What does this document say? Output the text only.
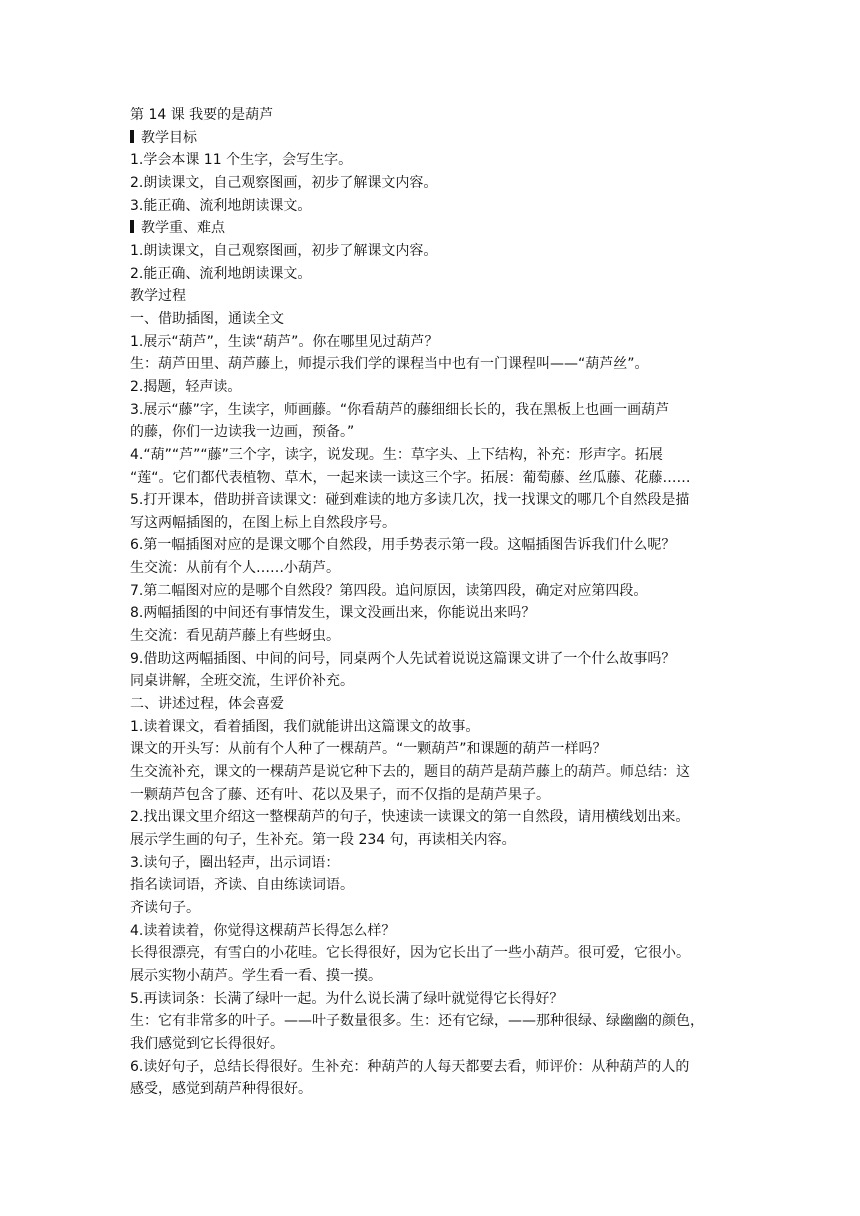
第 14 课 我要的是葫芦
教学目标
1.学会本课 11 个生字，会写生字。
2.朗读课文，自己观察图画，初步了解课文内容。
3.能正确、流利地朗读课文。
教学重、难点
1.朗读课文，自己观察图画，初步了解课文内容。
2.能正确、流利地朗读课文。
教学过程
一、借助插图，通读全文
1.展示“葫芦”，生读“葫芦”。你在哪里见过葫芦？
生：葫芦田里、葫芦藤上，师提示我们学的课程当中也有一门课程叫——“葫芦丝”。
2.揭题，轻声读。
3.展示“藤”字，生读字，师画藤。“你看葫芦的藤细细长长的，我在黑板上也画一画葫芦
的藤，你们一边读我一边画，预备。”
4.“葫”“芦”“藤”三个字，读字，说发现。生：草字头、上下结构，补充：形声字。拓展
“莲“。它们都代表植物、草木，一起来读一读这三个字。拓展：葡萄藤、丝瓜藤、花藤……
5.打开课本，借助拼音读课文：碰到难读的地方多读几次，找一找课文的哪几个自然段是描
写这两幅插图的，在图上标上自然段序号。
6.第一幅插图对应的是课文哪个自然段，用手势表示第一段。这幅插图告诉我们什么呢？
生交流：从前有个人……小葫芦。
7.第二幅图对应的是哪个自然段？第四段。追问原因，读第四段，确定对应第四段。
8.两幅插图的中间还有事情发生，课文没画出来，你能说出来吗？
生交流：看见葫芦藤上有些蚜虫。
9.借助这两幅插图、中间的问号，同桌两个人先试着说说这篇课文讲了一个什么故事吗？
同桌讲解，全班交流，生评价补充。
二、讲述过程，体会喜爱
1.读着课文，看着插图，我们就能讲出这篇课文的故事。
课文的开头写：从前有个人种了一棵葫芦。“一颗葫芦”和课题的葫芦一样吗？
生交流补充，课文的一棵葫芦是说它种下去的，题目的葫芦是葫芦藤上的葫芦。师总结：这
一颗葫芦包含了藤、还有叶、花以及果子，而不仅指的是葫芦果子。
2.找出课文里介绍这一整棵葫芦的句子，快速读一读课文的第一自然段，请用横线划出来。
展示学生画的句子，生补充。第一段 234 句，再读相关内容。
3.读句子，圈出轻声，出示词语：
指名读词语，齐读、自由练读词语。
齐读句子。
4.读着读着，你觉得这棵葫芦长得怎么样？
长得很漂亮，有雪白的小花哇。它长得很好，因为它长出了一些小葫芦。很可爱，它很小。
展示实物小葫芦。学生看一看、摸一摸。
5.再读词条：长满了绿叶一起。为什么说长满了绿叶就觉得它长得好？
生：它有非常多的叶子。——叶子数量很多。生：还有它绿，——那种很绿、绿幽幽的颜色，
我们感觉到它长得很好。
6.读好句子，总结长得很好。生补充：种葫芦的人每天都要去看，师评价：从种葫芦的人的
感受，感觉到葫芦种得很好。
